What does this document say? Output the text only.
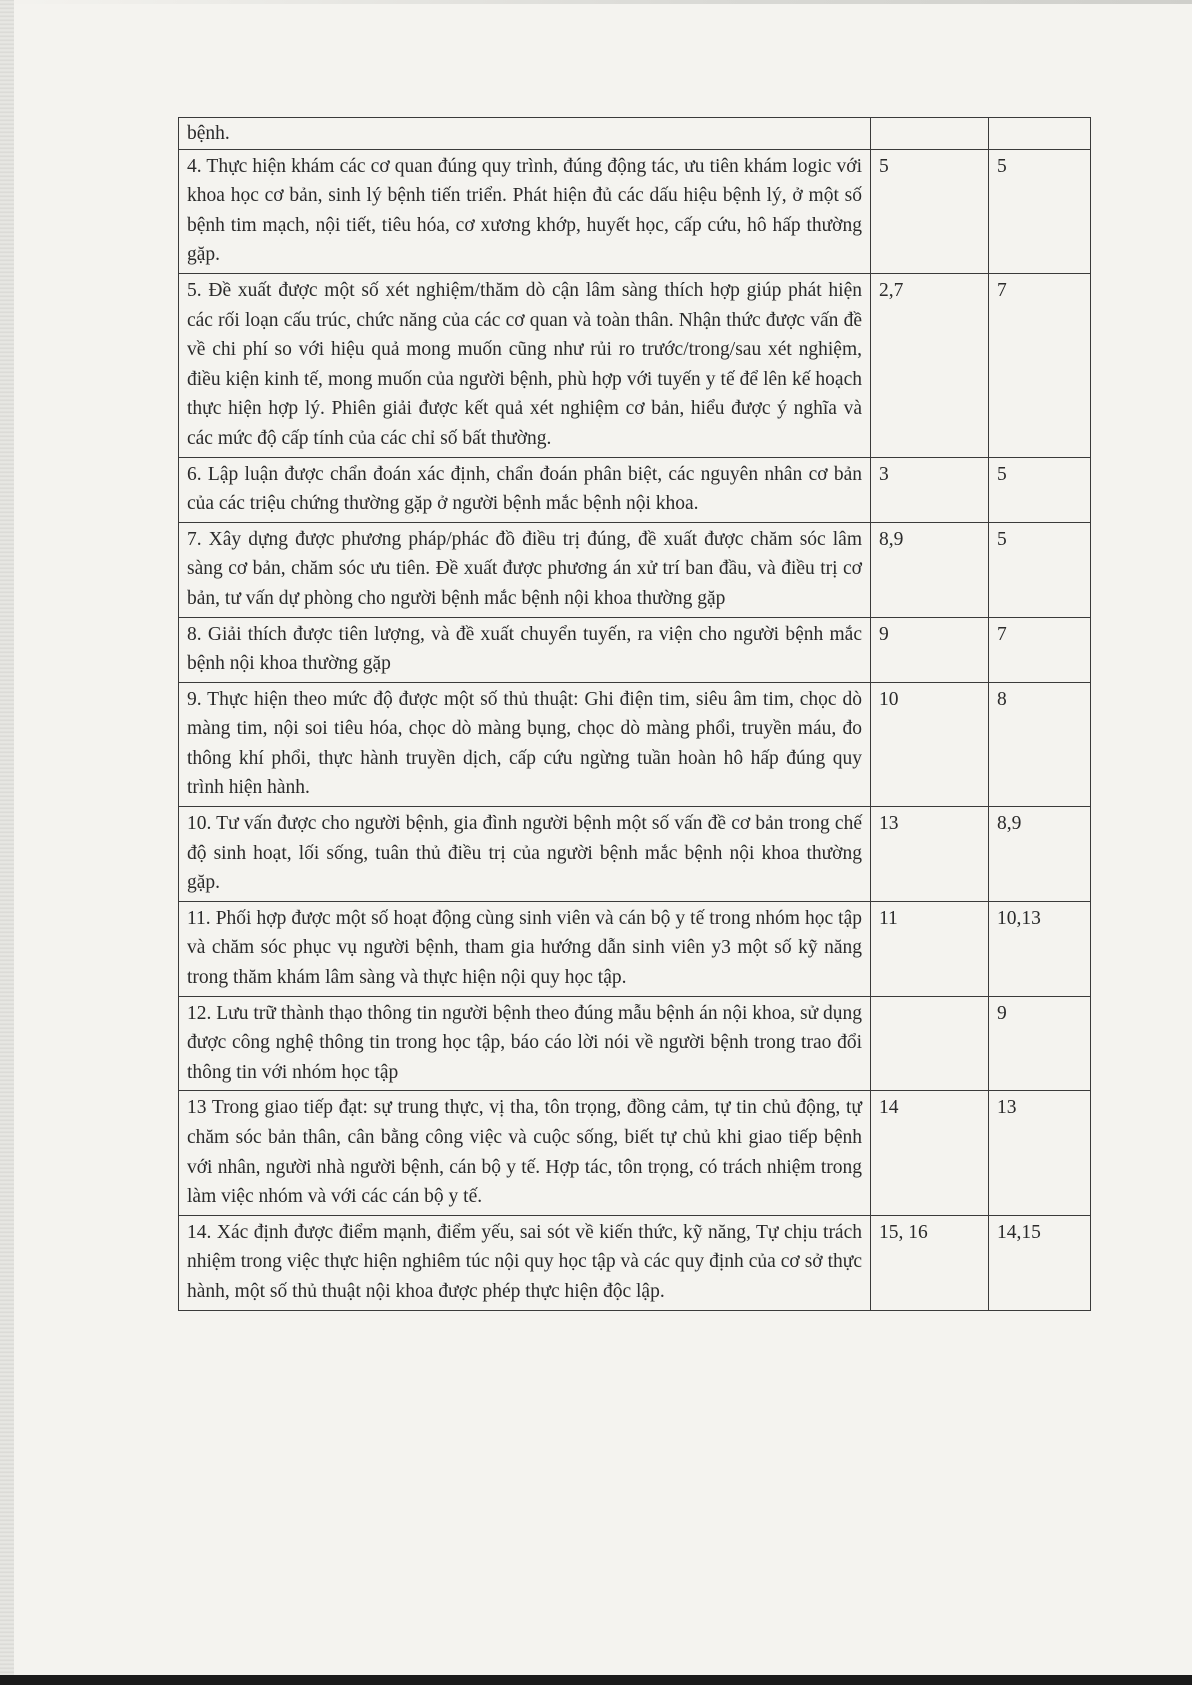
bệnh.		
4. Thực hiện khám các cơ quan đúng quy trình, đúng động tác, ưu tiên khám logic với khoa học cơ bản, sinh lý bệnh tiến triển. Phát hiện đủ các dấu hiệu bệnh lý, ở một số bệnh tim mạch, nội tiết, tiêu hóa, cơ xương khớp, huyết học, cấp cứu, hô hấp thường gặp.	5	5
5. Đề xuất được một số xét nghiệm/thăm dò cận lâm sàng thích hợp giúp phát hiện các rối loạn cấu trúc, chức năng của các cơ quan và toàn thân. Nhận thức được vấn đề về chi phí so với hiệu quả mong muốn cũng như rủi ro trước/trong/sau xét nghiệm, điều kiện kinh tế, mong muốn của người bệnh, phù hợp với tuyến y tế để lên kế hoạch thực hiện hợp lý. Phiên giải được kết quả xét nghiệm cơ bản, hiểu được ý nghĩa và các mức độ cấp tính của các chỉ số bất thường.	2,7	7
6. Lập luận được chẩn đoán xác định, chẩn đoán phân biệt, các nguyên nhân cơ bản của các triệu chứng thường gặp ở người bệnh mắc bệnh nội khoa.	3	5
7. Xây dựng được phương pháp/phác đồ điều trị đúng, đề xuất được chăm sóc lâm sàng cơ bản, chăm sóc ưu tiên. Đề xuất được phương án xử trí ban đầu, và điều trị cơ bản, tư vấn dự phòng cho người bệnh mắc bệnh nội khoa thường gặp	8,9	5
8. Giải thích được tiên lượng, và đề xuất chuyển tuyến, ra viện cho người bệnh mắc bệnh nội khoa thường gặp	9	7
9. Thực hiện theo mức độ được một số thủ thuật: Ghi điện tim, siêu âm tim, chọc dò màng tim, nội soi tiêu hóa, chọc dò màng bụng, chọc dò màng phổi, truyền máu, đo thông khí phổi, thực hành truyền dịch, cấp cứu ngừng tuần hoàn hô hấp đúng quy trình hiện hành.	10	8
10. Tư vấn được cho người bệnh, gia đình người bệnh một số vấn đề cơ bản trong chế độ sinh hoạt, lối sống, tuân thủ điều trị của người bệnh mắc bệnh nội khoa thường gặp.	13	8,9
11. Phối hợp được một số hoạt động cùng sinh viên và cán bộ y tế trong nhóm học tập và chăm sóc phục vụ người bệnh, tham gia hướng dẫn sinh viên y3 một số kỹ năng trong thăm khám lâm sàng và thực hiện nội quy học tập.	11	10,13
12. Lưu trữ thành thạo thông tin người bệnh theo đúng mẫu bệnh án nội khoa, sử dụng được công nghệ thông tin trong học tập, báo cáo lời nói về người bệnh trong trao đổi thông tin với nhóm học tập		9
13 Trong giao tiếp đạt: sự trung thực, vị tha, tôn trọng, đồng cảm, tự tin chủ động, tự chăm sóc bản thân, cân bằng công việc và cuộc sống, biết tự chủ khi giao tiếp bệnh với nhân, người nhà người bệnh, cán bộ y tế. Hợp tác, tôn trọng, có trách nhiệm trong làm việc nhóm và với các cán bộ y tế.	14	13
14. Xác định được điểm mạnh, điểm yếu, sai sót về kiến thức, kỹ năng, Tự chịu trách nhiệm trong việc thực hiện nghiêm túc nội quy học tập và các quy định của cơ sở thực hành, một số thủ thuật nội khoa được phép thực hiện độc lập.	15, 16	14,15
